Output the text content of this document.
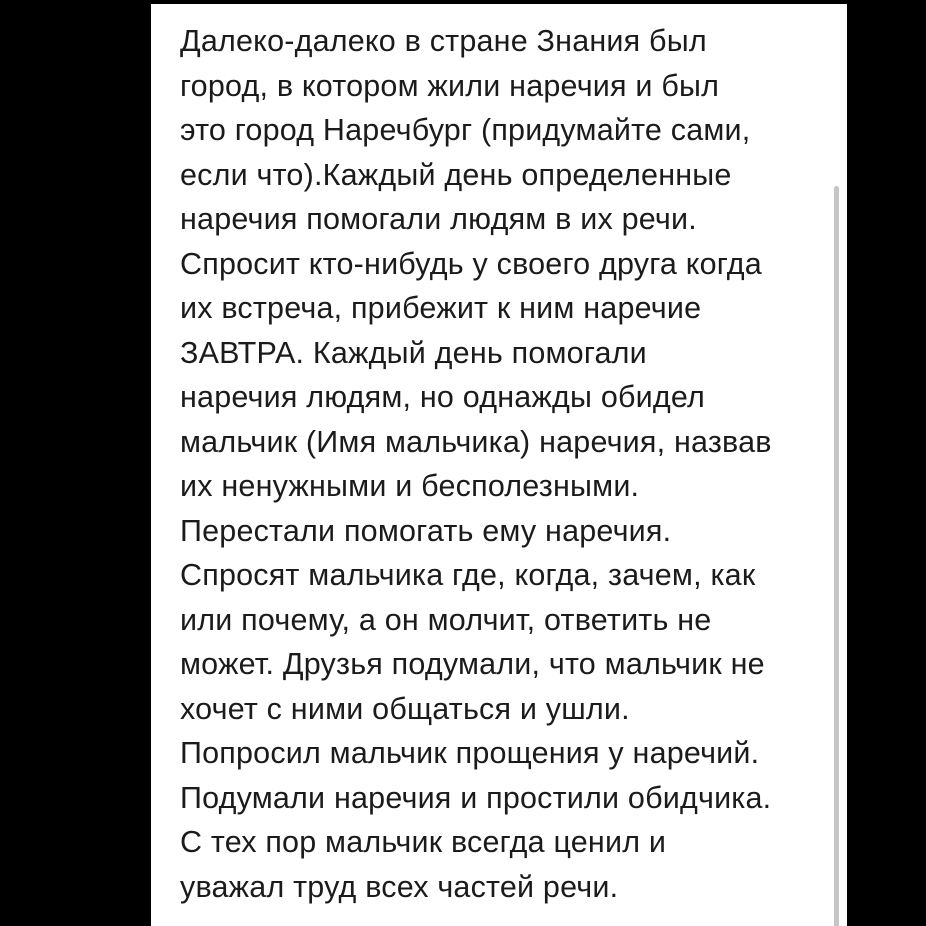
Далеко-далеко в стране Знания был
город, в котором жили наречия и был
это город Наречбург (придумайте сами,
если что).Каждый день определенные
наречия помогали людям в их речи.
Спросит кто-нибудь у своего друга когда
их встреча, прибежит к ним наречие
ЗАВТРА. Каждый день помогали
наречия людям, но однажды обидел
мальчик (Имя мальчика) наречия, назвав
их ненужными и бесполезными.
Перестали помогать ему наречия.
Спросят мальчика где, когда, зачем, как
или почему, а он молчит, ответить не
может. Друзья подумали, что мальчик не
хочет с ними общаться и ушли.
Попросил мальчик прощения у наречий.
Подумали наречия и простили обидчика.
С тех пор мальчик всегда ценил и
уважал труд всех частей речи.
